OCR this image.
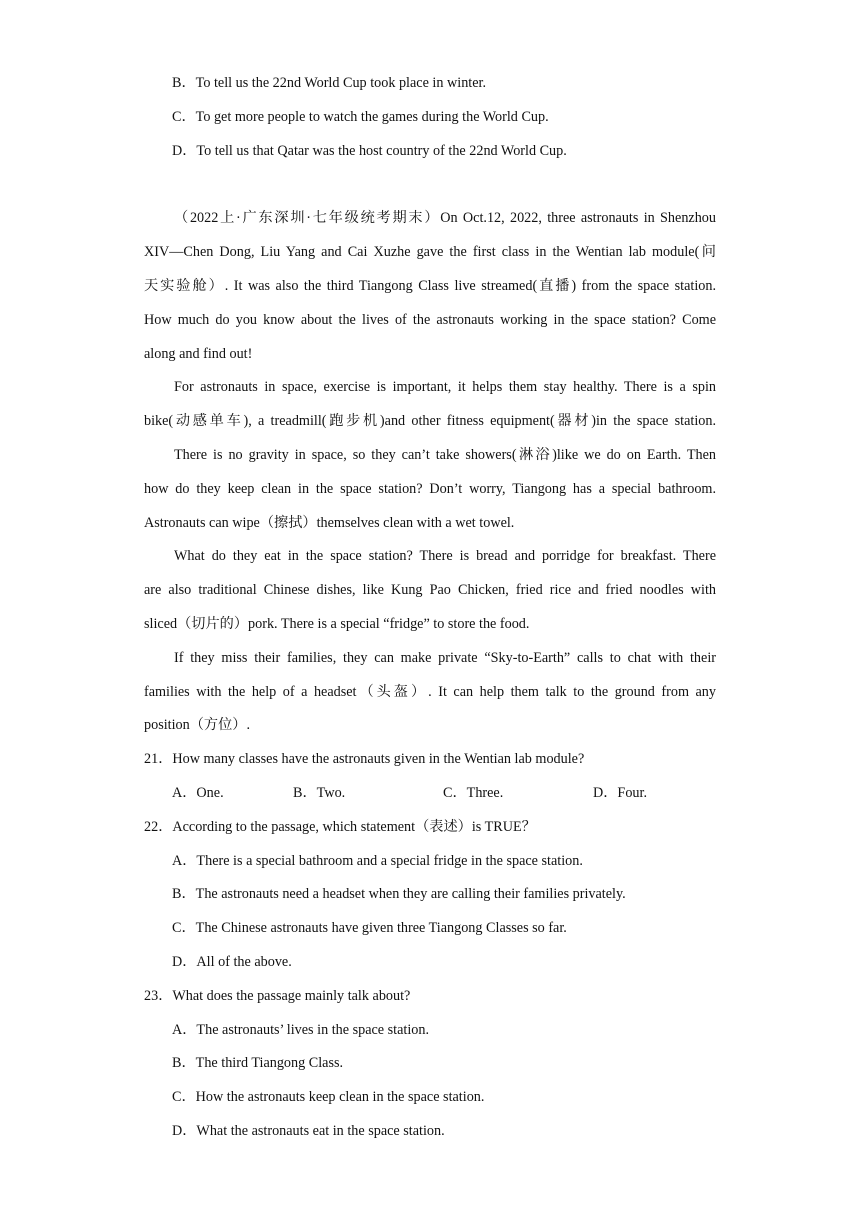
B．To tell us the 22nd World Cup took place in winter.
C．To get more people to watch the games during the World Cup.
D．To tell us that Qatar was the host country of the 22nd World Cup.
（2022上·广东深圳·七年级统考期末）On Oct.12, 2022, three astronauts in Shenzhou
XIV—Chen Dong, Liu Yang and Cai Xuzhe gave the first class in the Wentian lab module(问
天实验舱）. It was also the third Tiangong Class live streamed(直播) from the space station.
How much do you know about the lives of the astronauts working in the space station? Come
along and find out!
For astronauts in space, exercise is important, it helps them stay healthy. There is a spin
bike(动感单车), a treadmill(跑步机)and other fitness equipment(器材)in the space station.
There is no gravity in space, so they can’t take showers(淋浴)like we do on Earth. Then
how do they keep clean in the space station? Don’t worry, Tiangong has a special bathroom.
Astronauts can wipe（擦拭）themselves clean with a wet towel.
What do they eat in the space station? There is bread and porridge for breakfast. There
are also traditional Chinese dishes, like Kung Pao Chicken, fried rice and fried noodles with
sliced（切片的）pork. There is a special “fridge” to store the food.
If they miss their families, they can make private “Sky-to-Earth” calls to chat with their
families with the help of a headset（头盔）. It can help them talk to the ground from any
position（方位）.
21．How many classes have the astronauts given in the Wentian lab module?
A．One.	B．Two.	C．Three.	D．Four.
22．According to the passage, which statement（表述）is TRUE？
A．There is a special bathroom and a special fridge in the space station.
B．The astronauts need a headset when they are calling their families privately.
C．The Chinese astronauts have given three Tiangong Classes so far.
D．All of the above.
23．What does the passage mainly talk about?
A．The astronauts’ lives in the space station.
B．The third Tiangong Class.
C．How the astronauts keep clean in the space station.
D．What the astronauts eat in the space station.
